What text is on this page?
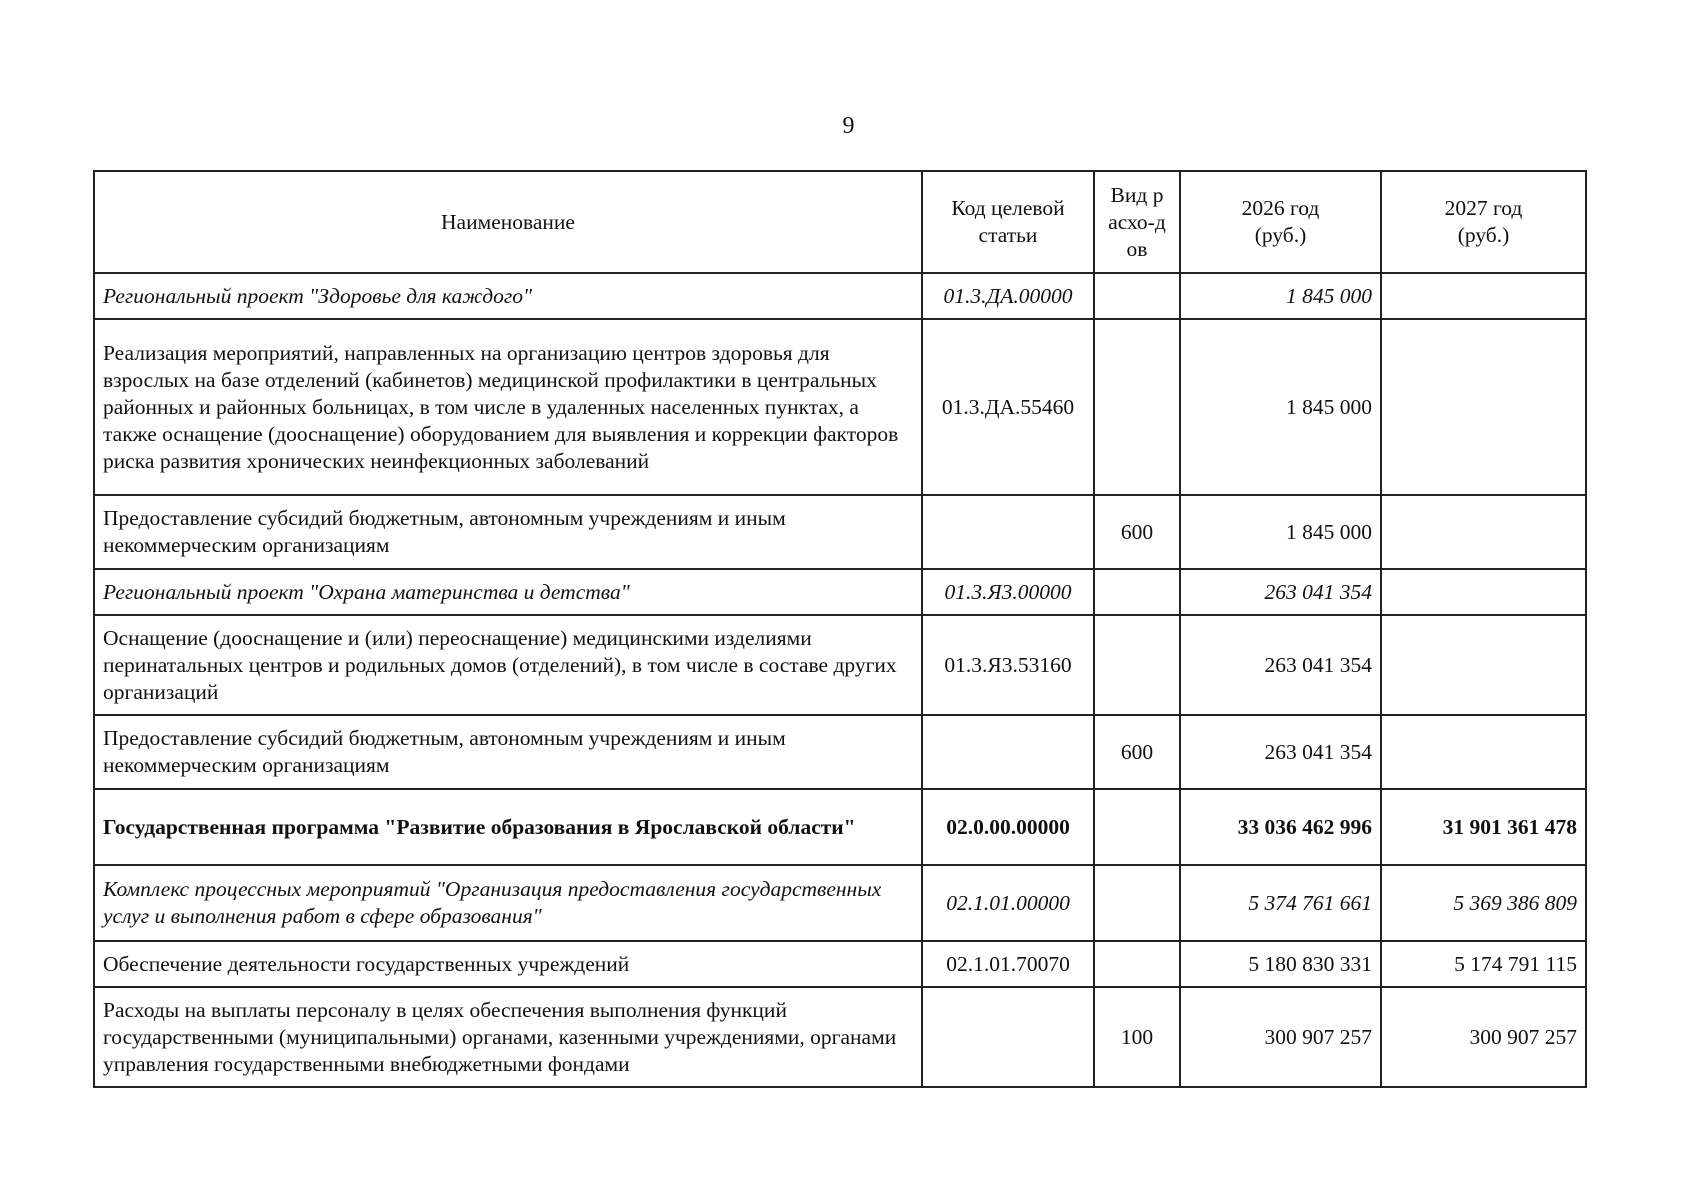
9
Наименование	Код целевой статьи	Вид расхо-дов	2026 год (руб.)	2027 год (руб.)
Региональный проект "Здоровье для каждого"	01.3.ДА.00000		1 845 000	
Реализация мероприятий, направленных на организацию центров здоровья для взрослых на базе отделений (кабинетов) медицинской профилактики в центральных районных и районных больницах, в том числе в удаленных населенных пунктах, а также оснащение (дооснащение) оборудованием для выявления и коррекции факторов риска развития хронических неинфекционных заболеваний	01.3.ДА.55460		1 845 000	
Предоставление субсидий бюджетным, автономным учреждениям и иным некоммерческим организациям		600	1 845 000	
Региональный проект "Охрана материнства и детства"	01.3.Я3.00000		263 041 354	
Оснащение (дооснащение и (или) переоснащение) медицинскими изделиями перинатальных центров и родильных домов (отделений), в том числе в составе других организаций	01.3.Я3.53160		263 041 354	
Предоставление субсидий бюджетным, автономным учреждениям и иным некоммерческим организациям		600	263 041 354	
Государственная программа "Развитие образования в Ярославской области"	02.0.00.00000		33 036 462 996	31 901 361 478
Комплекс процессных мероприятий "Организация предоставления государственных услуг и выполнения работ в сфере образования"	02.1.01.00000		5 374 761 661	5 369 386 809
Обеспечение деятельности государственных учреждений	02.1.01.70070		5 180 830 331	5 174 791 115
Расходы на выплаты персоналу в целях обеспечения выполнения функций государственными (муниципальными) органами, казенными учреждениями, органами управления государственными внебюджетными фондами		100	300 907 257	300 907 257
